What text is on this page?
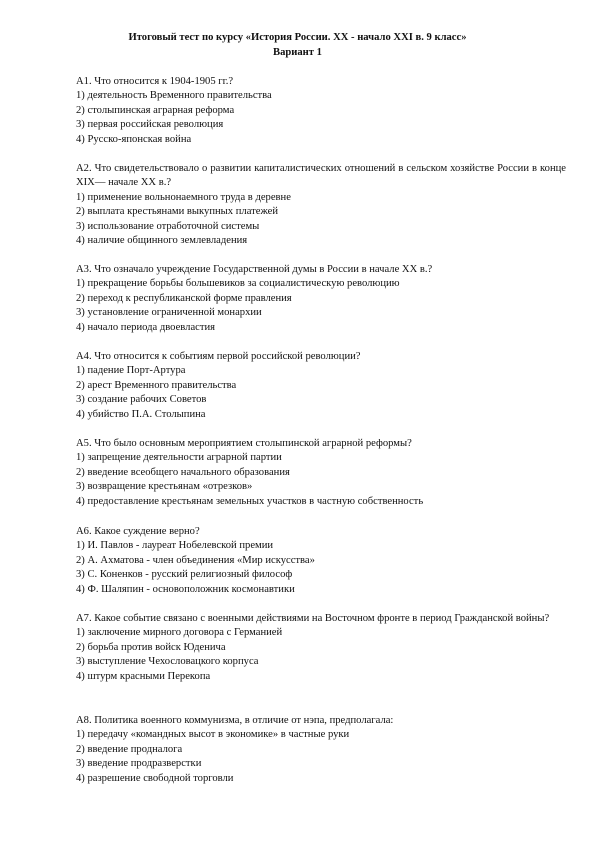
Итоговый тест по курсу «История России. XX - начало XXI в. 9 класс»
Вариант 1

А1. Что относится к 1904-1905 гг.?

1) деятельность Временного правительства

2) столыпинская аграрная реформа

3) первая российская революция

4) Русско-японская война

А2. Что свидетельствовало о развитии капиталистических отношений в сельском хозяйстве России в конце XIX— начале XX в.?

1) применение вольнонаемного труда в деревне

2) выплата крестьянами выкупных платежей

3) использование отработочной системы

4) наличие общинного землевладения

А3. Что означало учреждение Государственной думы в России в начале XX в.?

1) прекращение борьбы большевиков за социалистическую революцию

2) переход к республиканской форме правления

3) установление ограниченной монархии

4) начало периода двоевластия

А4. Что относится к событиям первой российской революции?

1) падение Порт-Артура

2) арест Временного правительства

3) создание рабочих Советов

4) убийство П.А. Столыпина

А5. Что было основным мероприятием столыпинской аграрной реформы?

1) запрещение деятельности аграрной партии

2) введение всеобщего начального образования

3) возвращение крестьянам «отрезков»

4) предоставление крестьянам земельных участков в частную собственность

А6. Какое суждение верно?

1) И. Павлов - лауреат Нобелевской премии

2) А. Ахматова - член объединения «Мир искусства»

3) С. Коненков - русский религиозный философ

4) Ф. Шаляпин - основоположник космонавтики

А7. Какое событие связано с военными действиями на Восточном фронте в период Гражданской войны?

1) заключение мирного договора с Германией

2) борьба против войск Юденича

3) выступление Чехословацкого корпуса

4) штурм красными Перекопа

А8. Политика военного коммунизма, в отличие от нэпа, предполагала:

1) передачу «командных высот в экономике» в частные руки

2) введение продналога

3) введение продразверстки

4) разрешение свободной торговли
